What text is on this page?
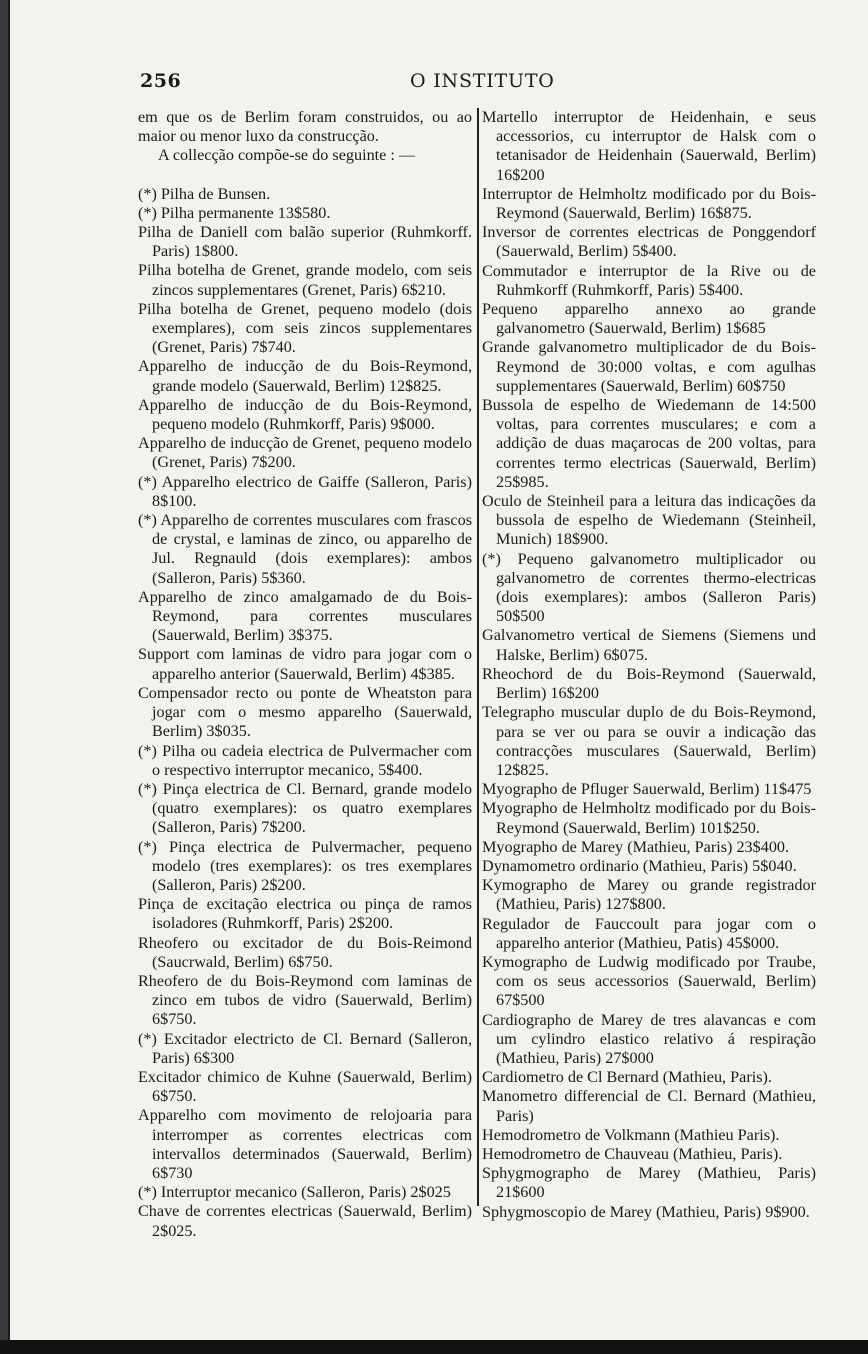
256	O INSTITUTO

em que os de Berlim foram construidos, ou ao maior ou menor luxo da construcção.

A collecção compõe-se do seguinte : —

(*) Pilha de Bunsen.

(*) Pilha permanente 13$580.

Pilha de Daniell com balão superior (Ruhmkorff. Paris) 1$800.

Pilha botelha de Grenet, grande modelo, com seis zincos supplementares (Grenet, Paris) 6$210.

Pilha botelha de Grenet, pequeno modelo (dois exemplares), com seis zincos supplementares (Grenet, Paris) 7$740.

Apparelho de inducção de du Bois-Reymond, grande modelo (Sauerwald, Berlim) 12$825.

Apparelho de inducção de du Bois-Reymond, pequeno modelo (Ruhmkorff, Paris) 9$000.

Apparelho de inducção de Grenet, pequeno modelo (Grenet, Paris) 7$200.

(*) Apparelho electrico de Gaiffe (Salleron, Paris) 8$100.

(*) Apparelho de correntes musculares com frascos de crystal, e laminas de zinco, ou apparelho de Jul. Regnauld (dois exemplares): ambos (Salleron, Paris) 5$360.

Apparelho de zinco amalgamado de du Bois-Reymond, para correntes musculares (Sauerwald, Berlim) 3$375.

Support com laminas de vidro para jogar com o apparelho anterior (Sauerwald, Berlim) 4$385.

Compensador recto ou ponte de Wheatston para jogar com o mesmo apparelho (Sauerwald, Berlim) 3$035.

(*) Pilha ou cadeia electrica de Pulvermacher com o respectivo interruptor mecanico, 5$400.

(*) Pinça electrica de Cl. Bernard, grande modelo (quatro exemplares): os quatro exemplares (Salleron, Paris) 7$200.

(*) Pinça electrica de Pulvermacher, pequeno modelo (tres exemplares): os tres exemplares (Salleron, Paris) 2$200.

Pinça de excitação electrica ou pinça de ramos isoladores (Ruhmkorff, Paris) 2$200.

Rheofero ou excitador de du Bois-Reimond (Saucrwald, Berlim) 6$750.

Rheofero de du Bois-Reymond com laminas de zinco em tubos de vidro (Sauerwald, Berlim) 6$750.

(*) Excitador electricto de Cl. Bernard (Salleron, Paris) 6$300

Excitador chimico de Kuhne (Sauerwald, Berlim) 6$750.

Apparelho com movimento de relojoaria para interromper as correntes electricas com intervallos determinados (Sauerwald, Berlim) 6$730

(*) Interruptor mecanico (Salleron, Paris) 2$025

Chave de correntes electricas (Sauerwald, Berlim) 2$025.

Martello interruptor de Heidenhain, e seus accessorios, cu interruptor de Halsk com o tetanisador de Heidenhain (Sauerwald, Berlim) 16$200

Interruptor de Helmholtz modificado por du Bois-Reymond (Sauerwald, Berlim) 16$875.

Inversor de correntes electricas de Ponggendorf (Sauerwald, Berlim) 5$400.

Commutador e interruptor de la Rive ou de Ruhmkorff (Ruhmkorff, Paris) 5$400.

Pequeno apparelho annexo ao grande galvanometro (Sauerwald, Berlim) 1$685

Grande galvanometro multiplicador de du Bois-Reymond de 30:000 voltas, e com agulhas supplementares (Sauerwald, Berlim) 60$750

Bussola de espelho de Wiedemann de 14:500 voltas, para correntes musculares; e com a addição de duas maçarocas de 200 voltas, para correntes termo electricas (Sauerwald, Berlim) 25$985.

Oculo de Steinheil para a leitura das indicações da bussola de espelho de Wiedemann (Steinheil, Munich) 18$900.

(*) Pequeno galvanometro multiplicador ou galvanometro de correntes thermo-electricas (dois exemplares): ambos (Salleron Paris) 50$500

Galvanometro vertical de Siemens (Siemens und Halske, Berlim) 6$075.

Rheochord de du Bois-Reymond (Sauerwald, Berlim) 16$200

Telegrapho muscular duplo de du Bois-Reymond, para se ver ou para se ouvir a indicação das contracções musculares (Sauerwald, Berlim) 12$825.

Myographo de Pfluger Sauerwald, Berlim) 11$475

Myographo de Helmholtz modificado por du Bois-Reymond (Sauerwald, Berlim) 101$250.

Myographo de Marey (Mathieu, Paris) 23$400.

Dynamometro ordinario (Mathieu, Paris) 5$040.

Kymographo de Marey ou grande registrador (Mathieu, Paris) 127$800.

Regulador de Fauccoult para jogar com o apparelho anterior (Mathieu, Patis) 45$000.

Kymographo de Ludwig modificado por Traube, com os seus accessorios (Sauerwald, Berlim) 67$500

Cardiographo de Marey de tres alavancas e com um cylindro elastico relativo á respiração (Mathieu, Paris) 27$000

Cardiometro de Cl Bernard (Mathieu, Paris).

Manometro differencial de Cl. Bernard (Mathieu, Paris)

Hemodrometro de Volkmann (Mathieu Paris).

Hemodrometro de Chauveau (Mathieu, Paris).

Sphygmographo de Marey (Mathieu, Paris) 21$600

Sphygmoscopio de Marey (Mathieu, Paris) 9$900.
